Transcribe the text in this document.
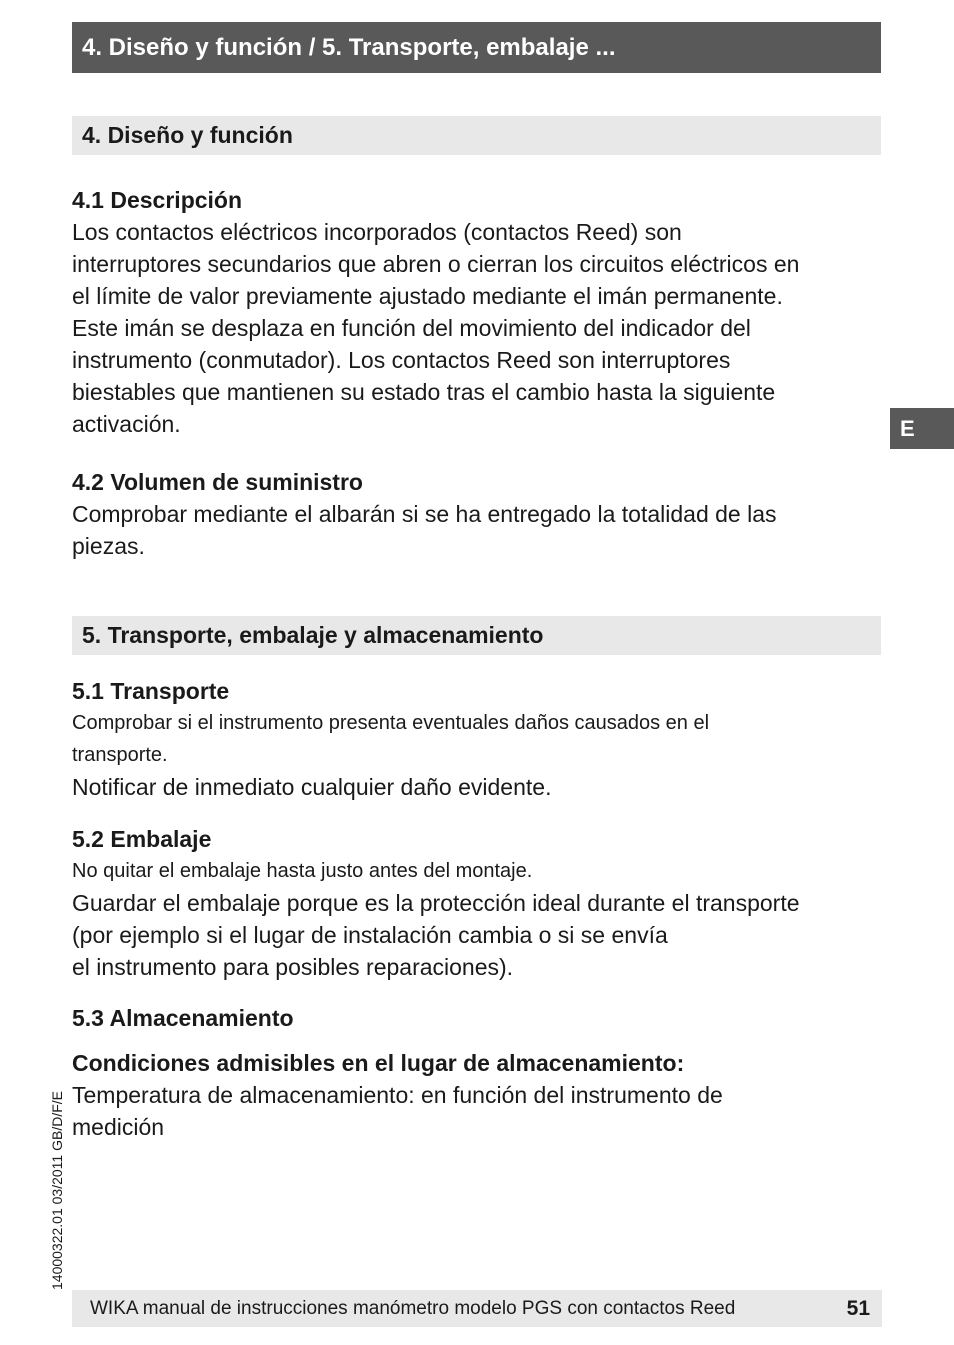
4. Diseño y función / 5. Transporte, embalaje ...
4. Diseño y función
4.1 Descripción
Los contactos eléctricos incorporados (contactos Reed) son
interruptores secundarios que abren o cierran los circuitos eléctricos en
el límite de valor previamente ajustado mediante el imán permanente.
Este imán se desplaza en función del movimiento del indicador del
instrumento (conmutador). Los contactos Reed son interruptores
biestables que mantienen su estado tras el cambio hasta la siguiente
activación.
4.2 Volumen de suministro
Comprobar mediante el albarán si se ha entregado la totalidad de las
piezas.
5. Transporte, embalaje y almacenamiento
5.1 Transporte
Comprobar si el instrumento presenta eventuales daños causados en el
transporte.
Notificar de inmediato cualquier daño evidente.
5.2 Embalaje
No quitar el embalaje hasta justo antes del montaje.
Guardar el embalaje porque es la protección ideal durante el transporte
(por ejemplo si el lugar de instalación cambia o si se envía
el instrumento para posibles reparaciones).
5.3 Almacenamiento
Condiciones admisibles en el lugar de almacenamiento:
Temperatura de almacenamiento: en función del instrumento de
medición
E
14000322.01 03/2011 GB/D/F/E
WIKA manual de instrucciones manómetro modelo PGS con contactos Reed	51
